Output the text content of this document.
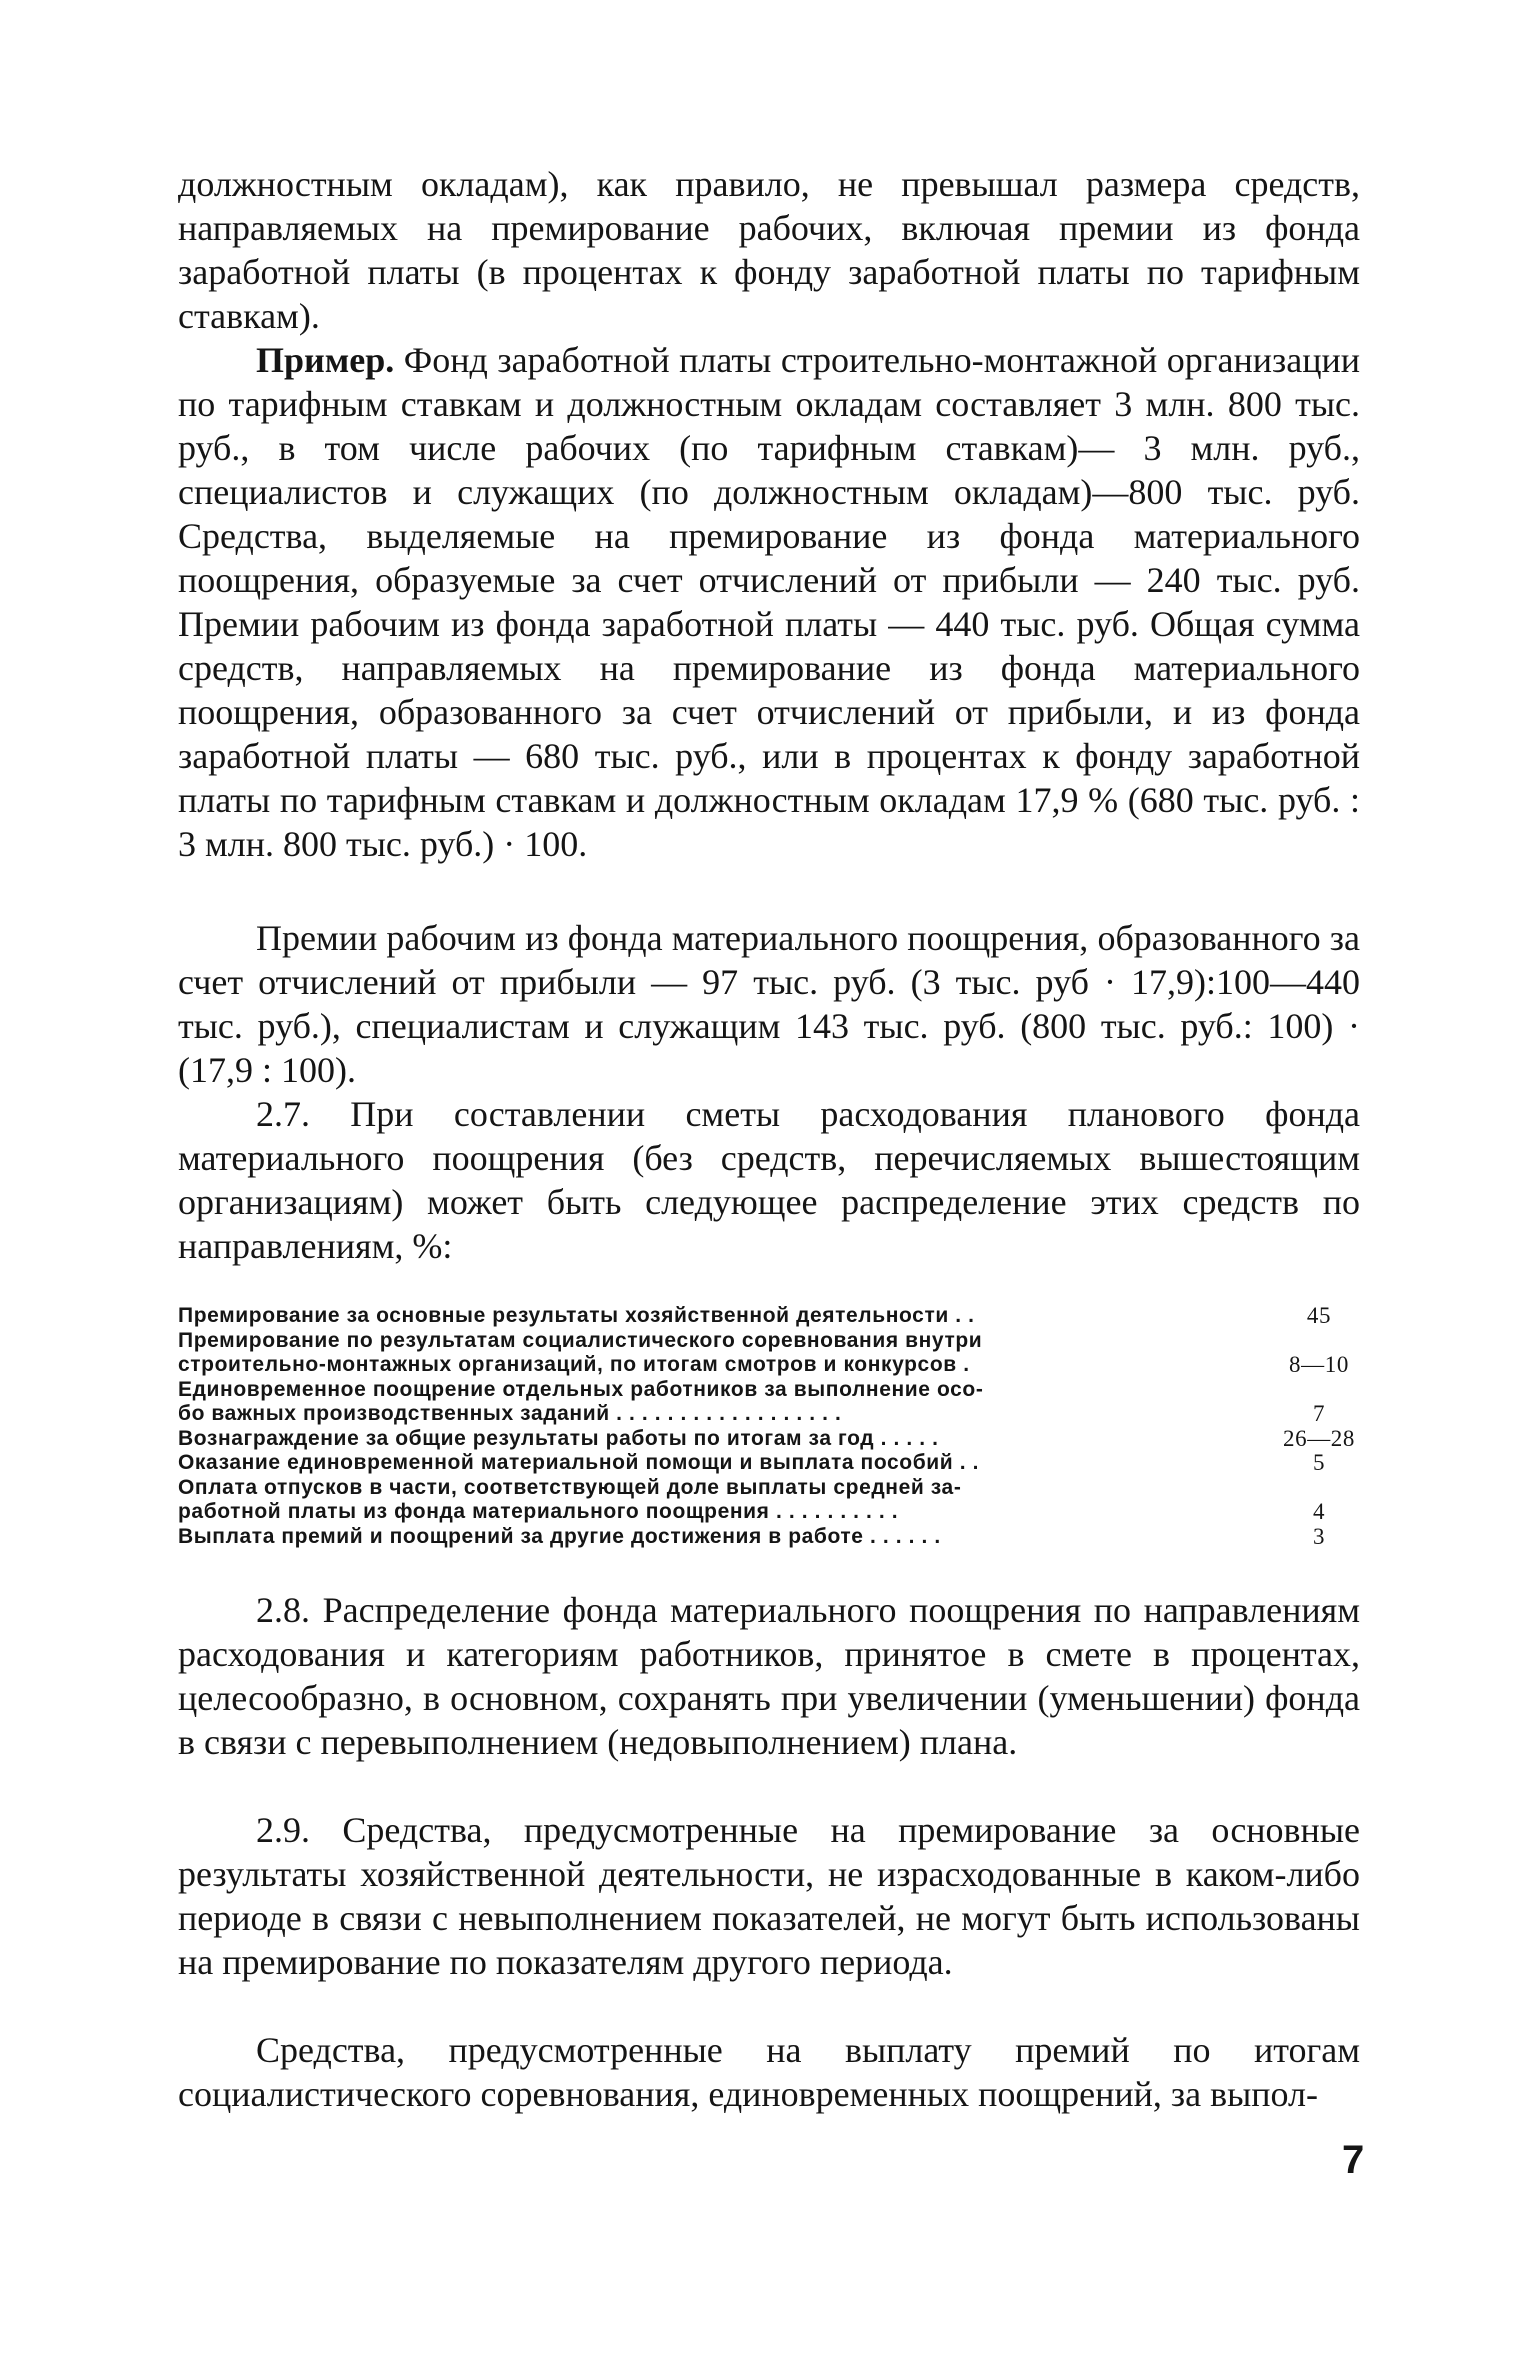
должностным окладам), как правило, не превышал размера средств, направляемых на премирование рабочих, включая премии из фонда заработной платы (в процентах к фонду заработной платы по тарифным ставкам).

Пример. Фонд заработной платы строительно-монтажной организации по тарифным ставкам и должностным окладам составляет 3 млн. 800 тыс. руб., в том числе рабочих (по тарифным ставкам)— 3 млн. руб., специалистов и служащих (по должностным окладам)—800 тыс. руб. Средства, выделяемые на премирование из фонда материального поощрения, образуемые за счет отчислений от прибыли — 240 тыс. руб. Премии рабочим из фонда заработной платы — 440 тыс. руб. Общая сумма средств, направляемых на премирование из фонда материального поощрения, образованного за счет отчислений от прибыли, и из фонда заработной платы — 680 тыс. руб., или в процентах к фонду заработной платы по тарифным ставкам и должностным окладам 17,9 % (680 тыс. руб. : 3 млн. 800 тыс. руб.) · 100.

Премии рабочим из фонда материального поощрения, образованного за счет отчислений от прибыли — 97 тыс. руб. (3 тыс. руб · 17,9):100—440 тыс. руб.), специалистам и служащим 143 тыс. руб. (800 тыс. руб.: 100) · (17,9 : 100).

2.7. При составлении сметы расходования планового фонда материального поощрения (без средств, перечисляемых вышестоящим организациям) может быть следующее распределение этих средств по направлениям, %:

Премирование за основные результаты хозяйственной деятельности . .	45
Премирование по результатам социалистического соревнования внутри
строительно-монтажных организаций, по итогам смотров и конкурсов .	8—10
Единовременное поощрение отдельных работников за выполнение осо-
бо важных производственных заданий . . . . . . . . . . . . . . . . . .	7
Вознаграждение за общие результаты работы по итогам за год . . . . .	26—28
Оказание единовременной материальной помощи и выплата пособий . .	5
Оплата отпусков в части, соответствующей доле выплаты средней за-
работной платы из фонда материального поощрения . . . . . . . . . .	4
Выплата премий и поощрений за другие достижения в работе . . . . . .	3

2.8. Распределение фонда материального поощрения по направлениям расходования и категориям работников, принятое в смете в процентах, целесообразно, в основном, сохранять при увеличении (уменьшении) фонда в связи с перевыполнением (недовыполнением) плана.

2.9. Средства, предусмотренные на премирование за основные результаты хозяйственной деятельности, не израсходованные в каком-либо периоде в связи с невыполнением показателей, не могут быть использованы на премирование по показателям другого периода.

Средства, предусмотренные на выплату премий по итогам социалистического соревнования, единовременных поощрений, за выпол-

7
